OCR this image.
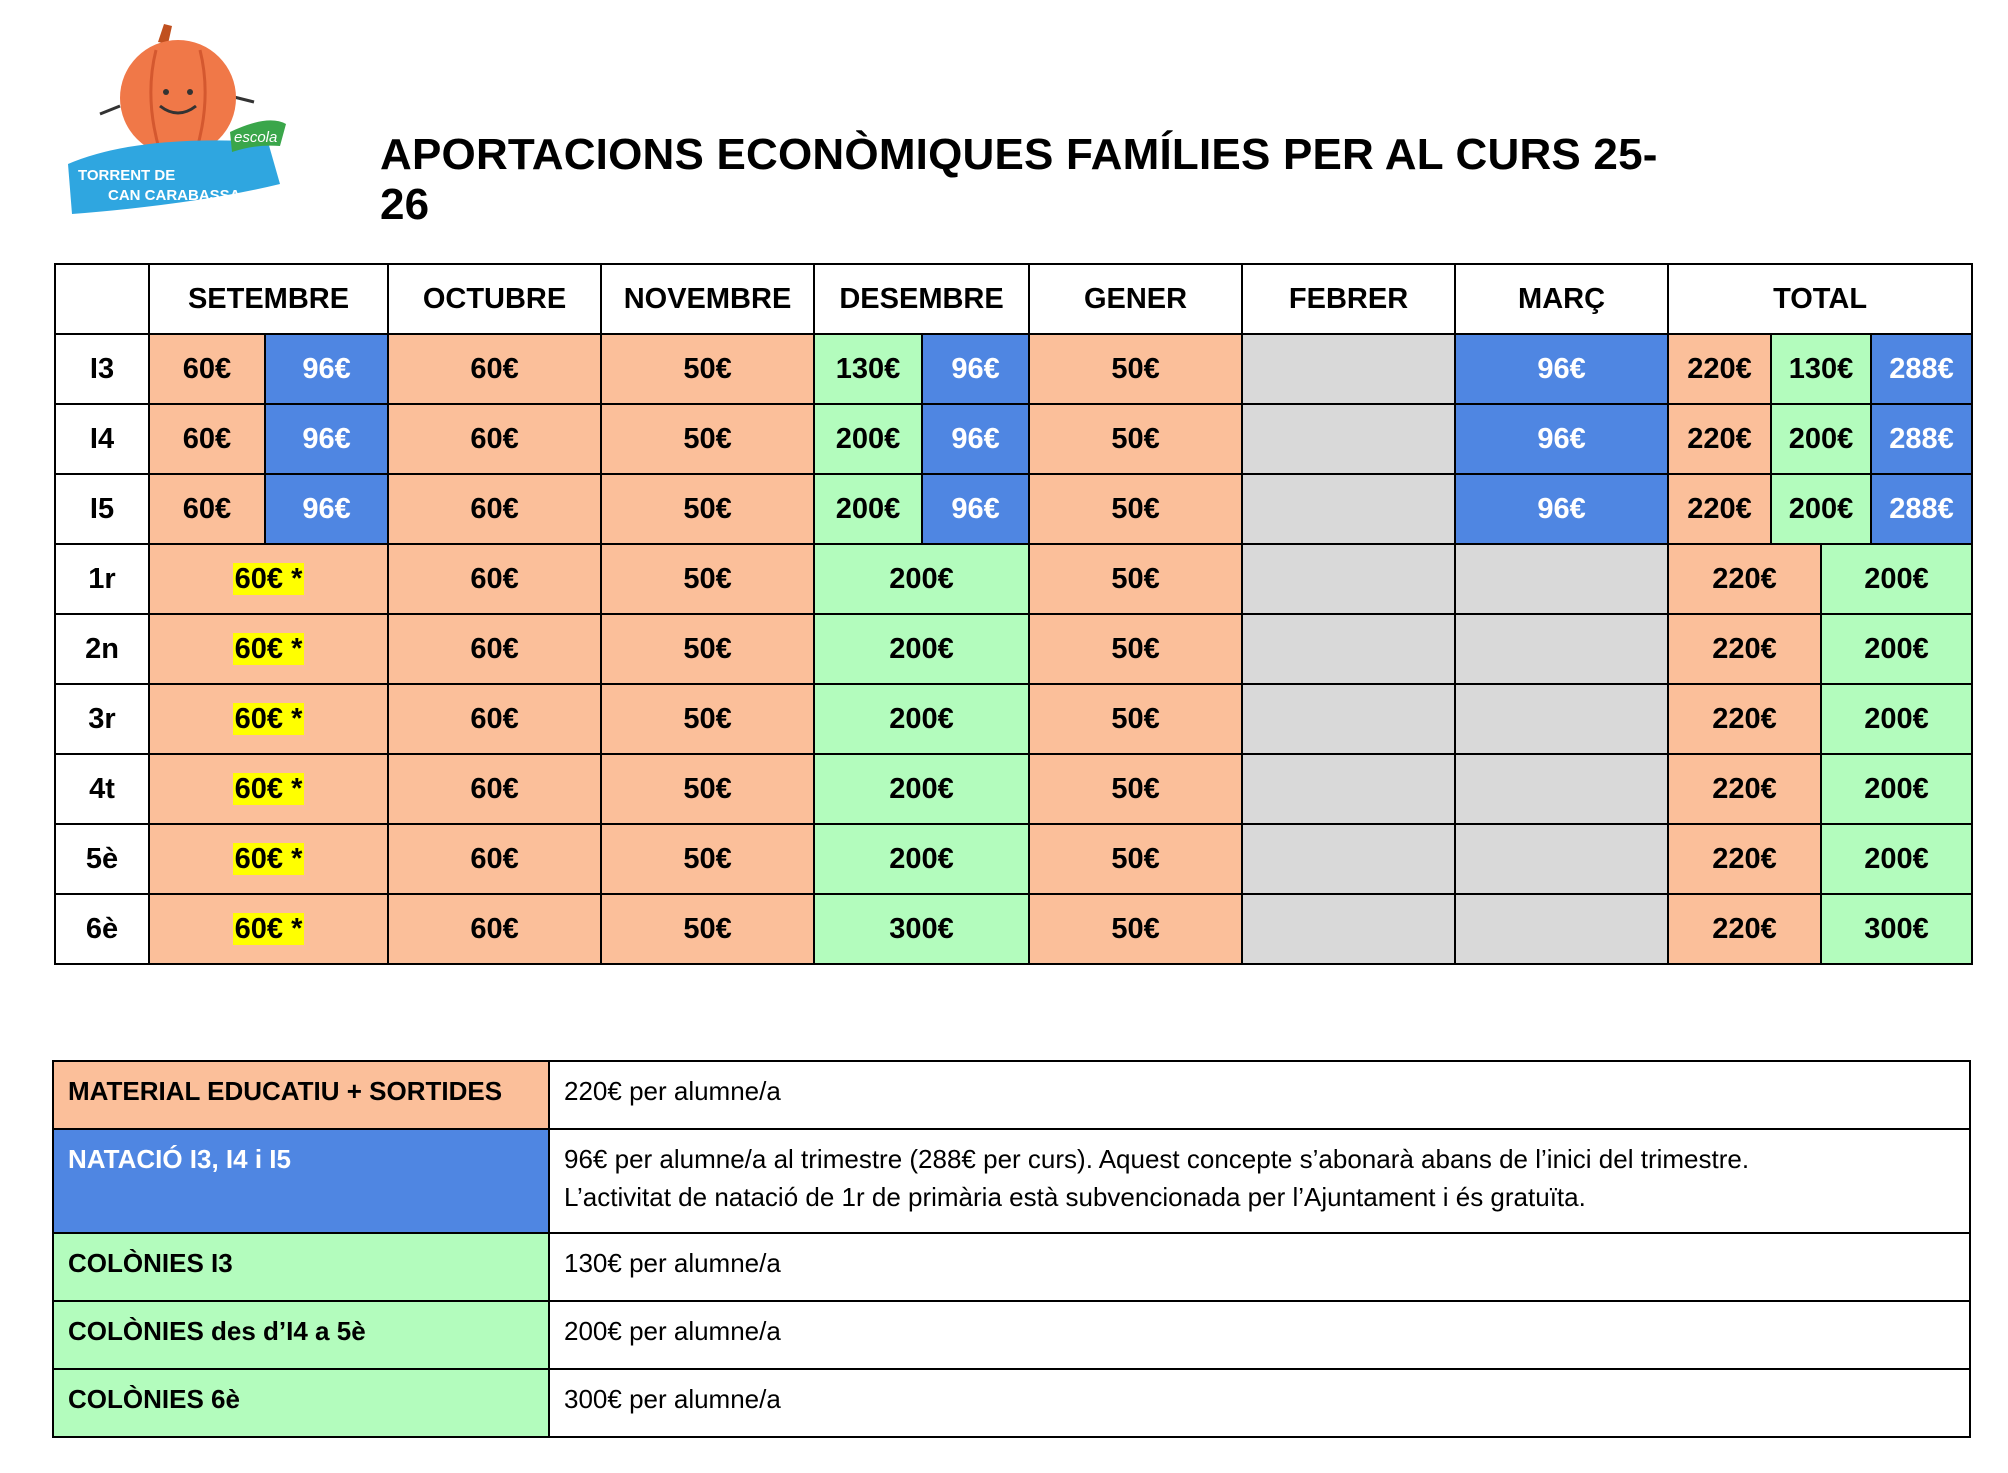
escola
TORRENT DE
CAN CARABASSA
APORTACIONS ECONÒMIQUES FAMÍLIES PER AL CURS 25-26
	SETEMBRE		OCTUBRE	NOVEMBRE	DESEMBRE		GENER	FEBRER	MARÇ	TOTAL			
I3	60€	96€	60€	50€	130€	96€	50€		96€	220€	130€		288€
I4	60€	96€	60€	50€	200€	96€	50€		96€	220€	200€		288€
I5	60€	96€	60€	50€	200€	96€	50€		96€	220€	200€		288€
1r	60€ *		60€	50€	200€		50€			220€		200€	
2n	60€ *		60€	50€	200€		50€			220€		200€	
3r	60€ *		60€	50€	200€		50€			220€		200€	
4t	60€ *		60€	50€	200€		50€			220€		200€	
5è	60€ *		60€	50€	200€		50€			220€		200€	
6è	60€ *		60€	50€	300€		50€			220€		300€	
MATERIAL EDUCATIU + SORTIDES	220€ per alumne/a
NATACIÓ I3, I4 i I5	96€ per alumne/a al trimestre (288€ per curs). Aquest concepte s’abonarà abans de l’inici del trimestre.
L’activitat de natació de 1r de primària està subvencionada per l’Ajuntament i és gratuïta.

COLÒNIES I3	130€ per alumne/a
COLÒNIES des d’I4 a 5è	200€ per alumne/a
COLÒNIES 6è	300€ per alumne/a
